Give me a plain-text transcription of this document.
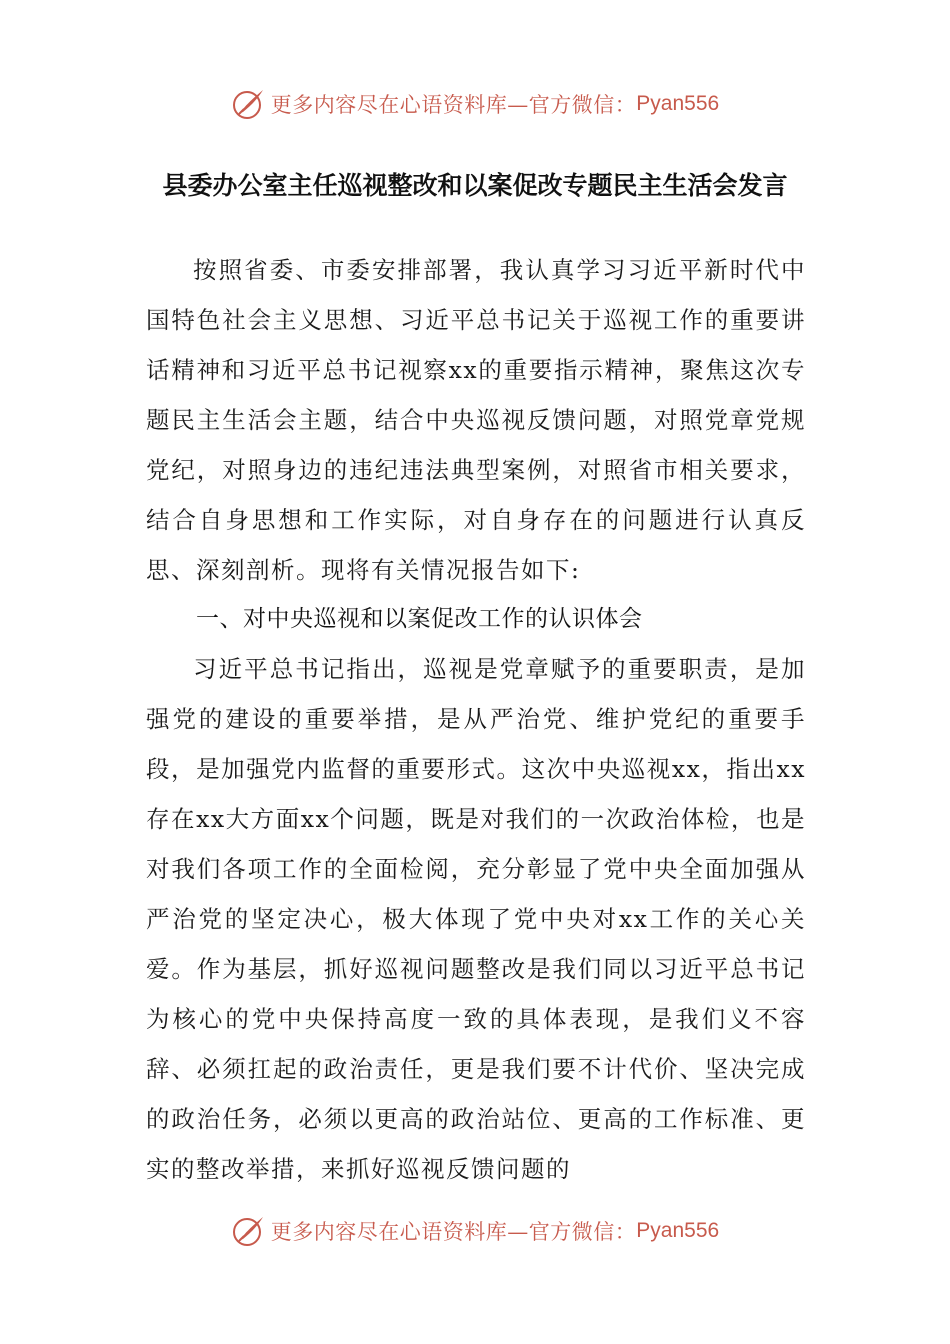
更多内容尽在心语资料库—官方微信： Pyan556
县委办公室主任巡视整改和以案促改专题民主生活会发言

按照省委、市委安排部署，我认真学习习近平新时代中国特色社会主义思想、习近平总书记关于巡视工作的重要讲话精神和习近平总书记视察xx的重要指示精神，聚焦这次专题民主生活会主题，结合中央巡视反馈问题，对照党章党规党纪，对照身边的违纪违法典型案例，对照省市相关要求，结合自身思想和工作实际，对自身存在的问题进行认真反思、深刻剖析。现将有关情况报告如下:

一、对中央巡视和以案促改工作的认识体会

习近平总书记指出，巡视是党章赋予的重要职责，是加强党的建设的重要举措，是从严治党、维护党纪的重要手段，是加强党内监督的重要形式。这次中央巡视xx，指出xx存在xx大方面xx个问题，既是对我们的一次政治体检，也是对我们各项工作的全面检阅，充分彰显了党中央全面加强从严治党的坚定决心，极大体现了党中央对xx工作的关心关爱。作为基层，抓好巡视问题整改是我们同以习近平总书记为核心的党中央保持高度一致的具体表现，是我们义不容辞、必须扛起的政治责任，更是我们要不计代价、坚决完成的政治任务，必须以更高的政治站位、更高的工作标准、更实的整改举措，来抓好巡视反馈问题的

更多内容尽在心语资料库—官方微信： Pyan556
